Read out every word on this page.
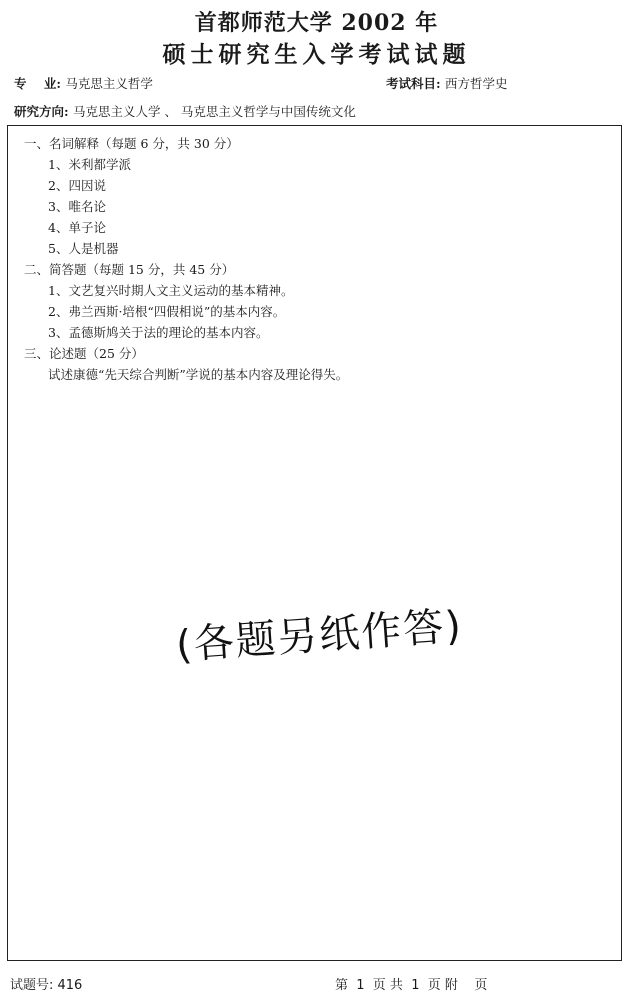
首都师范大学 2002 年
硕士研究生入学考试试题
专    业: 马克思主义哲学	考试科目: 西方哲学史
研究方向: 马克思主义人学 、 马克思主义哲学与中国传统文化
一、名词解释（每题 6 分，共 30 分）
1、米利都学派
2、四因说
3、唯名论
4、单子论
5、人是机器
二、简答题（每题 15 分，共 45 分）
1、文艺复兴时期人文主义运动的基本精神。
2、弗兰西斯·培根“四假相说”的基本内容。
3、孟德斯鸠关于法的理论的基本内容。
三、论述题（25 分）
试述康德“先天综合判断”学说的基本内容及理论得失。
(各题另纸作答)
试题号: 416	第  1  页 共  1  页 附    页
